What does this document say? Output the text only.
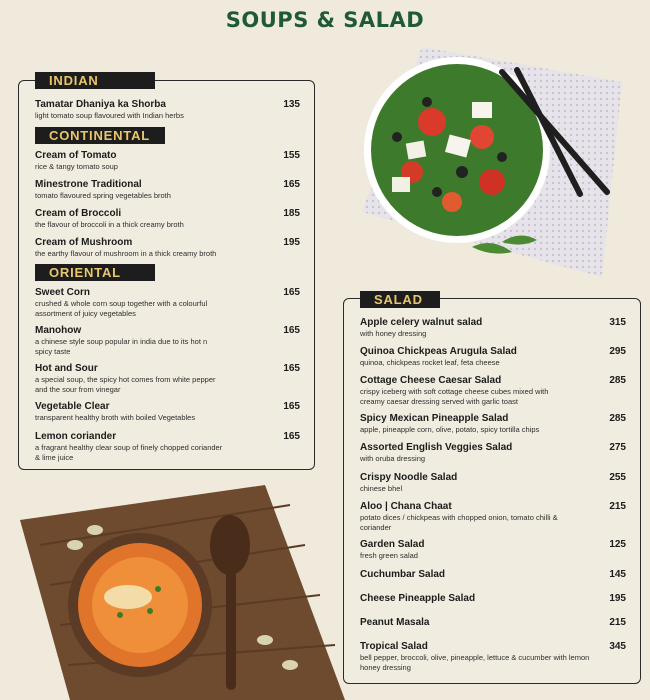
SOUPS & SALAD
INDIAN
Tamatar Dhaniya ka Shorba	135
light tomato soup flavoured with Indian herbs
CONTINENTAL
Cream of Tomato	155
rice & tangy tomato soup
Minestrone Traditional	165
tomato flavoured spring vegetables broth
Cream of Broccoli	185
the flavour of broccoli in a thick creamy broth
Cream of Mushroom	195
the earthy flavour of mushroom in a thick creamy broth
ORIENTAL
Sweet Corn	165
crushed & whole corn soup together with a colourful assortment of juicy vegetables
Manohow	165
a chinese style soup popular in india due to its hot n spicy taste
Hot and Sour	165
a special soup, the spicy hot comes from white pepper and the sour from vinegar
Vegetable Clear	165
transparent healthy broth with boiled Vegetables
Lemon coriander	165
a fragrant healthy clear soup of finely chopped coriander & lime juice
SALAD
Apple celery walnut salad	315
with honey dressing
Quinoa Chickpeas Arugula Salad	295
quinoa, chickpeas rocket leaf, feta cheese
Cottage Cheese Caesar Salad	285
crispy iceberg with soft cottage cheese cubes mixed with creamy caesar dressing served with garlic toast
Spicy Mexican Pineapple Salad	285
apple, pineapple corn, olive, potato, spicy tortilla chips
Assorted English Veggies Salad	275
with oruba dressing
Crispy Noodle Salad	255
chinese bhel
Aloo | Chana Chaat	215
potato dices / chickpeas with chopped onion, tomato chilli & coriander
Garden Salad	125
fresh green salad
Cuchumbar Salad	145
Cheese Pineapple Salad	195
Peanut Masala	215
Tropical Salad	345
bell pepper, broccoli, olive, pineapple, lettuce & cucumber with lemon honey dressing
